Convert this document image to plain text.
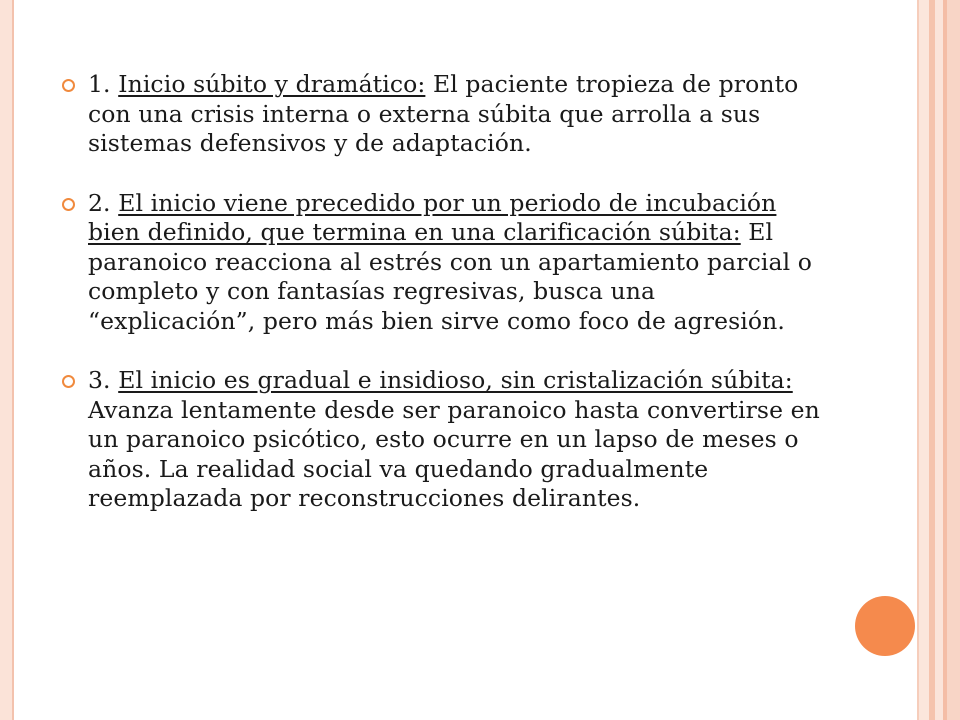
1. Inicio súbito y dramático: El paciente tropieza de pronto con una crisis interna o externa súbita que arrolla a sus sistemas defensivos y de adaptación.
2. El inicio viene precedido por un periodo de incubación bien definido, que termina en una clarificación súbita: El paranoico reacciona al estrés con un apartamiento parcial o completo y con fantasías regresivas, busca una “explicación”, pero más bien sirve como foco de agresión.
3. El inicio es gradual e insidioso, sin cristalización súbita: Avanza lentamente desde ser paranoico hasta convertirse en un paranoico psicótico, esto ocurre en un lapso de meses o años. La realidad social va quedando gradualmente reemplazada por reconstrucciones delirantes.
